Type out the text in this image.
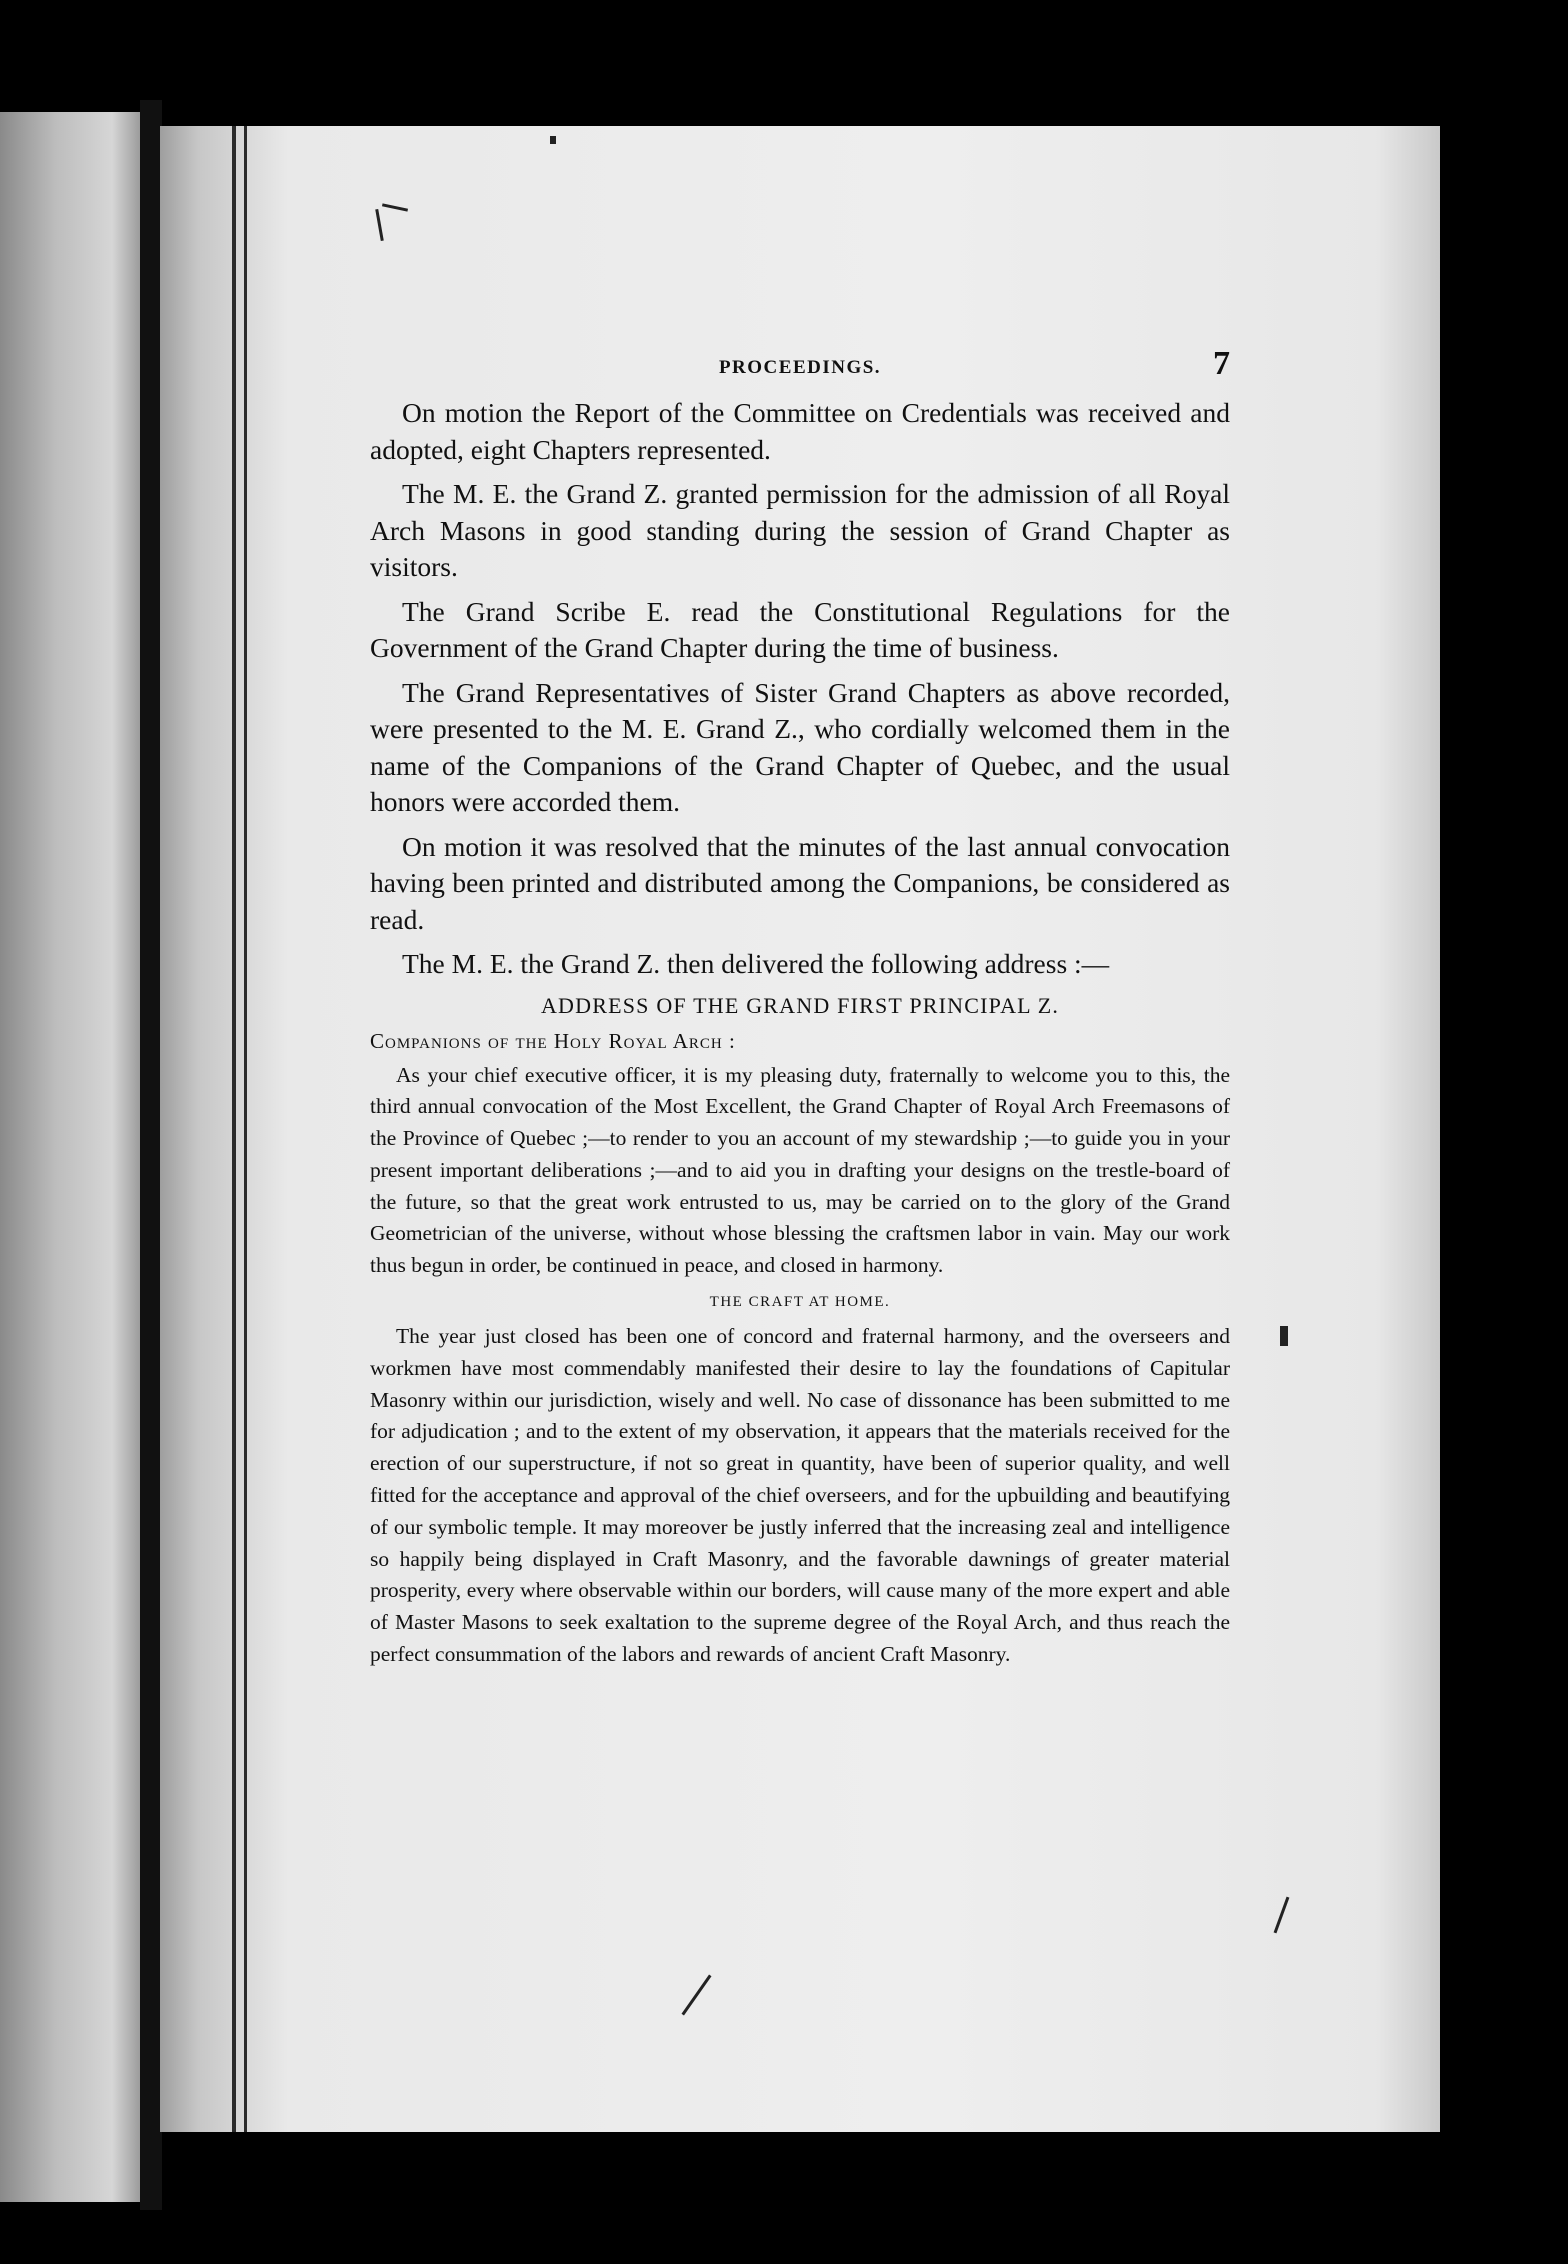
PROCEEDINGS.	7

On motion the Report of the Committee on Credentials was received and adopted, eight Chapters represented.

The M. E. the Grand Z. granted permission for the admission of all Royal Arch Masons in good standing during the session of Grand Chapter as visitors.

The Grand Scribe E. read the Constitutional Regulations for the Government of the Grand Chapter during the time of business.

The Grand Representatives of Sister Grand Chapters as above recorded, were presented to the M. E. Grand Z., who cordially welcomed them in the name of the Companions of the Grand Chapter of Quebec, and the usual honors were accorded them.

On motion it was resolved that the minutes of the last annual convocation having been printed and distributed among the Companions, be considered as read.

The M. E. the Grand Z. then delivered the following address :—

ADDRESS OF THE GRAND FIRST PRINCIPAL Z.
Companions of the Holy Royal Arch :

As your chief executive officer, it is my pleasing duty, fraternally to welcome you to this, the third annual convocation of the Most Excellent, the Grand Chapter of Royal Arch Freemasons of the Province of Quebec ;—to render to you an account of my stewardship ;—to guide you in your present important deliberations ;—and to aid you in drafting your designs on the trestle-board of the future, so that the great work entrusted to us, may be carried on to the glory of the Grand Geometrician of the universe, without whose blessing the craftsmen labor in vain. May our work thus begun in order, be continued in peace, and closed in harmony.

THE CRAFT AT HOME.

The year just closed has been one of concord and fraternal harmony, and the overseers and workmen have most commendably manifested their desire to lay the foundations of Capitular Masonry within our jurisdiction, wisely and well. No case of dissonance has been submitted to me for adjudication ; and to the extent of my observation, it appears that the materials received for the erection of our superstructure, if not so great in quantity, have been of superior quality, and well fitted for the acceptance and approval of the chief overseers, and for the upbuilding and beautifying of our symbolic temple. It may moreover be justly inferred that the increasing zeal and intelligence so happily being displayed in Craft Masonry, and the favorable dawnings of greater material prosperity, every where observable within our borders, will cause many of the more expert and able of Master Masons to seek exaltation to the supreme degree of the Royal Arch, and thus reach the perfect consummation of the labors and rewards of ancient Craft Masonry.
